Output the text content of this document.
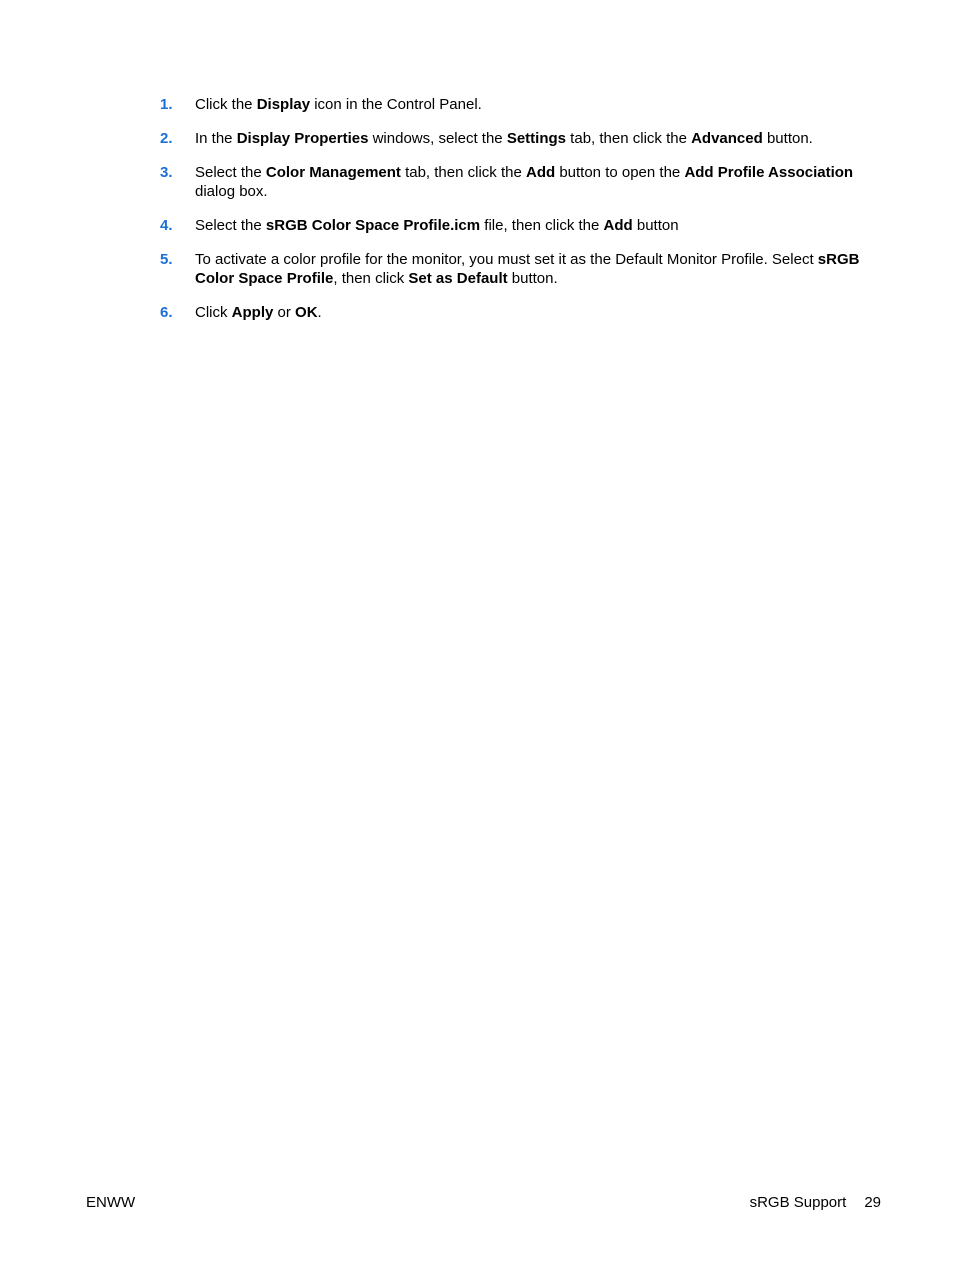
1. Click the Display icon in the Control Panel.
2. In the Display Properties windows, select the Settings tab, then click the Advanced button.
3. Select the Color Management tab, then click the Add button to open the Add Profile Association dialog box.
4. Select the sRGB Color Space Profile.icm file, then click the Add button
5. To activate a color profile for the monitor, you must set it as the Default Monitor Profile. Select sRGB Color Space Profile, then click Set as Default button.
6. Click Apply or OK.
ENWW	sRGB Support 29
